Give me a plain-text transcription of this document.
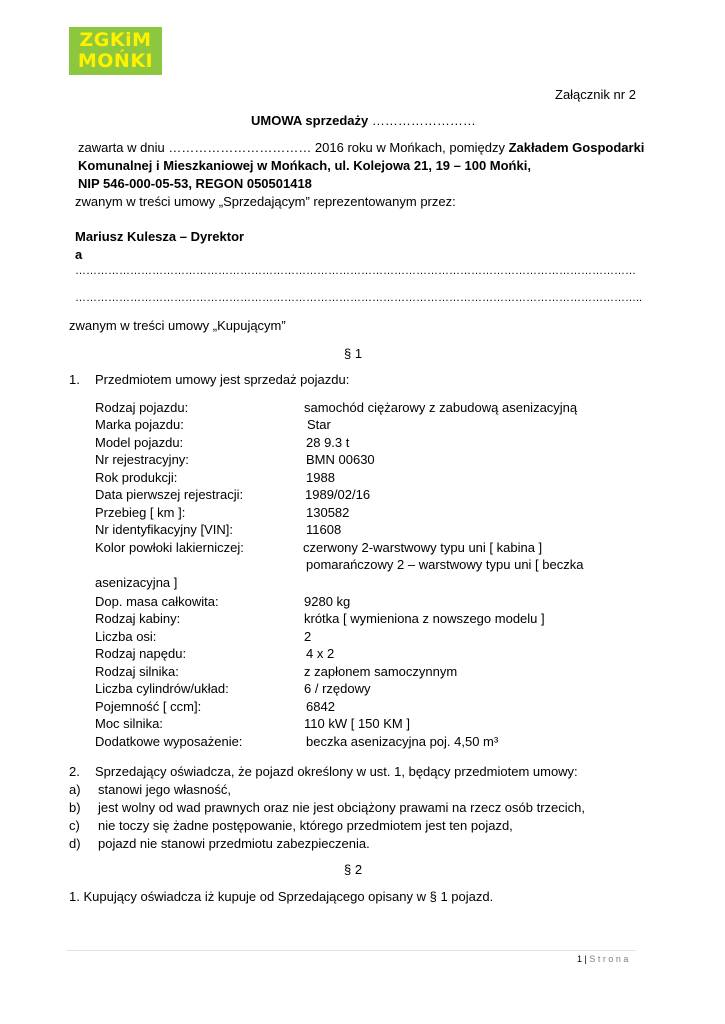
ZGKiM
MOŃKI
Załącznik nr 2
UMOWA sprzedaży ……………………
zawarta w dniu …………………………… 2016 roku w Mońkach, pomiędzy Zakładem Gospodarki
Komunalnej i Mieszkaniowej w Mońkach, ul. Kolejowa 21, 19 – 100 Mońki,
NIP 546-000-05-53, REGON 050501418
zwanym w treści umowy „Sprzedającym” reprezentowanym przez:
Mariusz Kulesza – Dyrektor
a
………………………………………………………………………………………………………………………………………
………………………………………………………………………………………………………………………………………..
zwanym w treści umowy „Kupującym”
§ 1
1. Przedmiotem umowy jest sprzedaż pojazdu:
Rodzaj pojazdu:	samochód ciężarowy z zabudową asenizacyjną
Marka pojazdu:	Star
Model pojazdu:	28 9.3 t
Nr rejestracyjny:	BMN 00630
Rok produkcji:	1988
Data pierwszej rejestracji:	1989/02/16
Przebieg [ km ]:	130582
Nr identyfikacyjny [VIN]:	11608
Kolor powłoki lakierniczej:	czerwony 2-warstwowy typu uni [ kabina ]
pomarańczowy 2 – warstwowy typu uni [ beczka
asenizacyjna ]
Dop. masa całkowita:	9280 kg
Rodzaj kabiny:	krótka [ wymieniona z nowszego modelu ]
Liczba osi:	2
Rodzaj napędu:	4 x 2
Rodzaj silnika:	z zapłonem samoczynnym
Liczba cylindrów/układ:	6 / rzędowy
Pojemność [ ccm]:	6842
Moc silnika:	110 kW [ 150 KM ]
Dodatkowe wyposażenie:	beczka asenizacyjna poj. 4,50 m³
2. Sprzedający oświadcza, że pojazd określony w ust. 1, będący przedmiotem umowy:
a) stanowi jego własność,
b) jest wolny od wad prawnych oraz nie jest obciążony prawami na rzecz osób trzecich,
c) nie toczy się żadne postępowanie, którego przedmiotem jest ten pojazd,
d) pojazd nie stanowi przedmiotu zabezpieczenia.
§ 2
1. Kupujący oświadcza iż kupuje od Sprzedającego opisany w § 1 pojazd.
1 | S t r o n a
